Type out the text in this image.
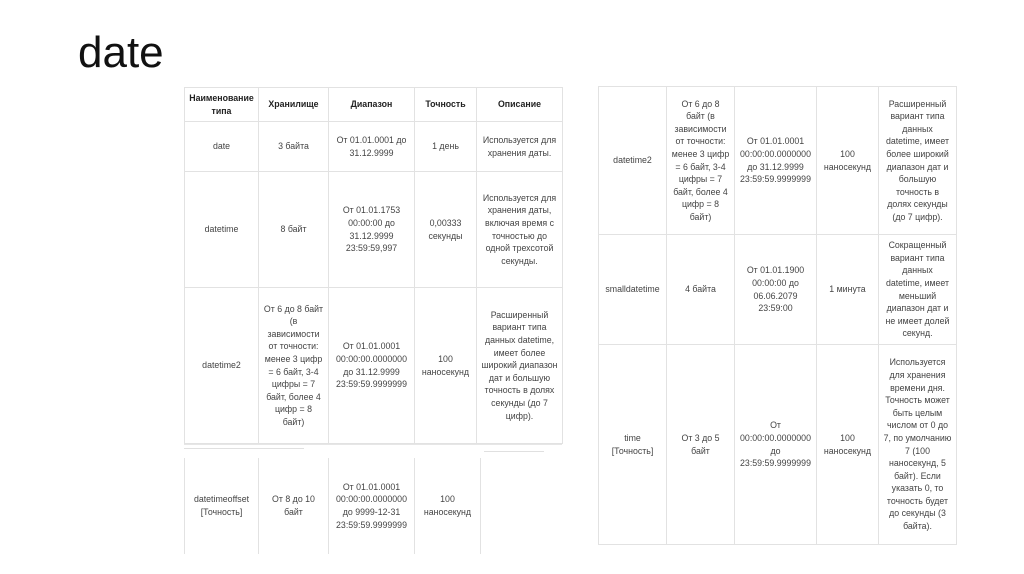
date
Наименование типа	Хранилище	Диапазон	Точность	Описание
date	3 байта	От 01.01.0001 до 31.12.9999	1 день	Используется для хранения даты.
datetime	8 байт	От 01.01.1753 00:00:00 до 31.12.9999 23:59:59,997	0,00333 секунды	Используется для хранения даты, включая время с точностью до одной трехсотой секунды.
datetime2	От 6 до 8 байт (в зависимости от точности: менее 3 цифр = 6 байт, 3-4 цифры = 7 байт, более 4 цифр = 8 байт)	От 01.01.0001 00:00:00.0000000 до 31.12.9999 23:59:59.9999999	100 наносекунд	Расширенный вариант типа данных datetime, имеет более широкий диапазон дат и большую точность в долях секунды (до 7 цифр).
datetimeoffset [Точность]	От 8 до 10 байт	От 01.01.0001 00:00:00.0000000 до 9999-12-31 23:59:59.9999999	100 наносекунд
datetime2	От 6 до 8 байт (в зависимости от точности: менее 3 цифр = 6 байт, 3-4 цифры = 7 байт, более 4 цифр = 8 байт)	От 01.01.0001 00:00:00.0000000 до 31.12.9999 23:59:59.9999999	100 наносекунд	Расширенный вариант типа данных datetime, имеет более широкий диапазон дат и большую точность в долях секунды (до 7 цифр).
smalldatetime	4 байта	От 01.01.1900 00:00:00 до 06.06.2079 23:59:00	1 минута	Сокращенный вариант типа данных datetime, имеет меньший диапазон дат и не имеет долей секунд.
time [Точность]	От 3 до 5 байт	От 00:00:00.0000000 до 23:59:59.9999999	100 наносекунд	Используется для хранения времени дня. Точность может быть целым числом от 0 до 7, по умолчанию 7 (100 наносекунд, 5 байт). Если указать 0, то точность будет до секунды (3 байта).
